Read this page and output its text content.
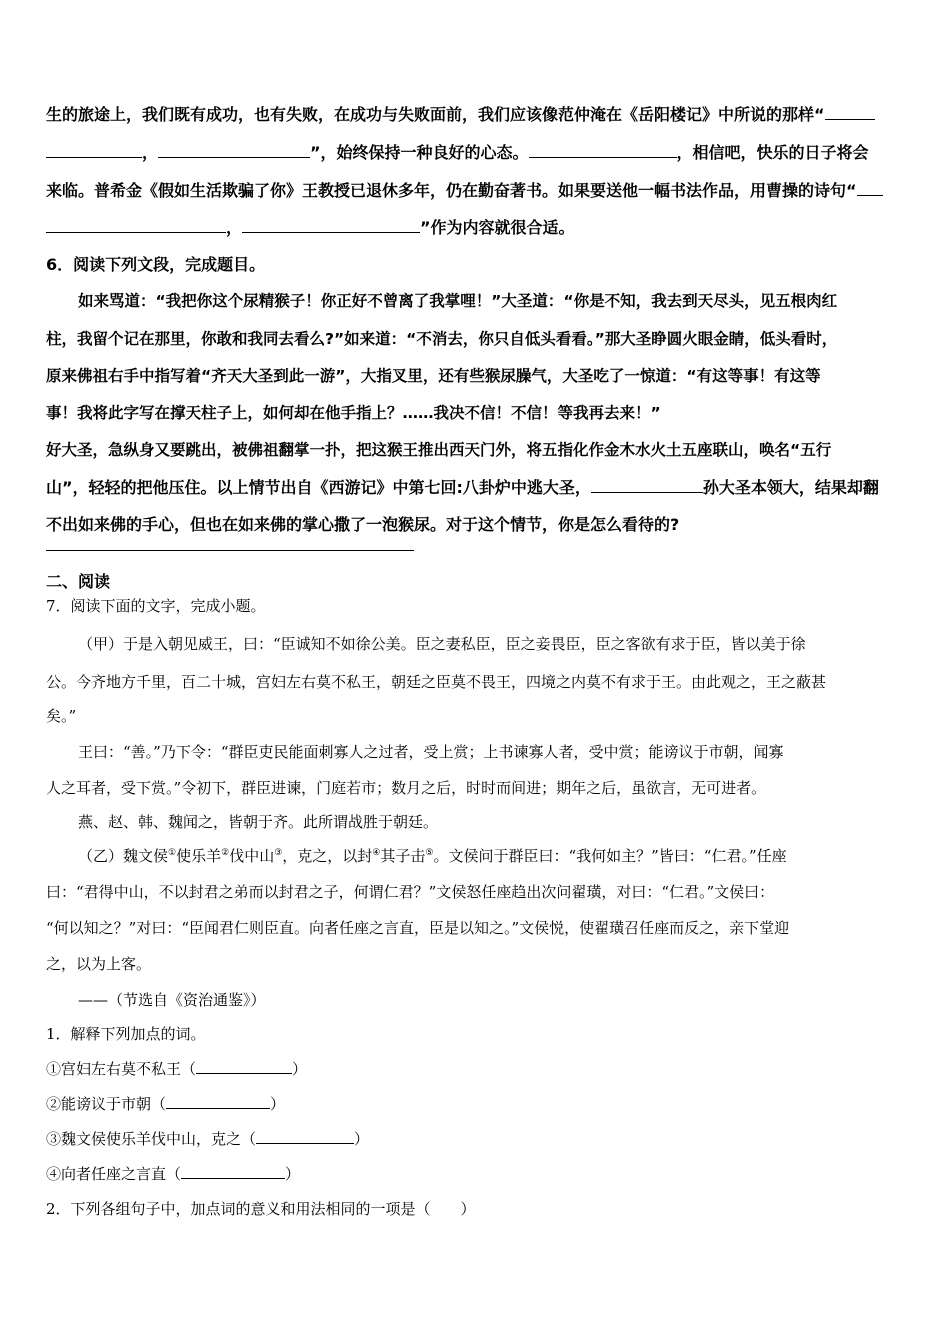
生的旅途上，我们既有成功，也有失败，在成功与失败面前，我们应该像范仲淹在《岳阳楼记》中所说的那样“

，	”，始终保持一种良好的心态。	，相信吧，快乐的日子将会

来临。普希金《假如生活欺骗了你》王教授已退休多年，仍在勤奋著书。如果要送他一幅书法作品，用曹操的诗句“

，	”作为内容就很合适。

6．阅读下列文段，完成题目。

如来骂道：“我把你这个尿精猴子！你正好不曾离了我掌哩！”大圣道：“你是不知，我去到天尽头，见五根肉红

柱，我留个记在那里，你敢和我同去看么?”如来道：“不消去，你只自低头看看。”那大圣睁圆火眼金睛，低头看时，

原来佛祖右手中指写着“齐天大圣到此一游”，大指叉里，还有些猴尿臊气，大圣吃了一惊道：“有这等事！有这等

事！我将此字写在撑天柱子上，如何却在他手指上？……我决不信！不信！等我再去来！”

好大圣，急纵身又要跳出，被佛祖翻掌一扑，把这猴王推出西天门外，将五指化作金木水火土五座联山，唤名“五行

山”，轻轻的把他压住。以上情节出自《西游记》中第七回:八卦炉中逃大圣，	孙大圣本领大，结果却翻

不出如来佛的手心，但也在如来佛的掌心撒了一泡猴尿。对于这个情节，你是怎么看待的?

二、阅读

7．阅读下面的文字，完成小题。

（甲）于是入朝见威王，曰：“臣诚知不如徐公美。臣之妻私臣，臣之妾畏臣，臣之客欲有求于臣，皆以美于徐

公。今齐地方千里，百二十城，宫妇左右莫不私王，朝廷之臣莫不畏王，四境之内莫不有求于王。由此观之，王之蔽甚

矣。”

王曰：“善。”乃下令：“群臣吏民能面刺寡人之过者，受上赏；上书谏寡人者，受中赏；能谤议于市朝，闻寡

人之耳者，受下赏。”令初下，群臣进谏，门庭若市；数月之后，时时而间进；期年之后，虽欲言，无可进者。

燕、赵、韩、魏闻之，皆朝于齐。此所谓战胜于朝廷。

（乙）魏文侯①使乐羊②伐中山③，克之，以封④其子击⑤。文侯问于群臣曰：“我何如主？”皆曰：“仁君。”任座

曰：“君得中山，不以封君之弟而以封君之子，何谓仁君？”文侯怒任座趋出次问翟璜，对曰：“仁君。”文侯曰：

“何以知之？”对曰：“臣闻君仁则臣直。向者任座之言直，臣是以知之。”文侯悦，使翟璜召任座而反之，亲下堂迎

之，以为上客。

——（节选自《资治通鉴》）

1．解释下列加点的词。

①宫妇左右莫不私王（	）

②能谤议于市朝（	）

③魏文侯使乐羊伐中山，克之（	）

④向者任座之言直（	）

2．下列各组句子中，加点词的意义和用法相同的一项是（　　）
